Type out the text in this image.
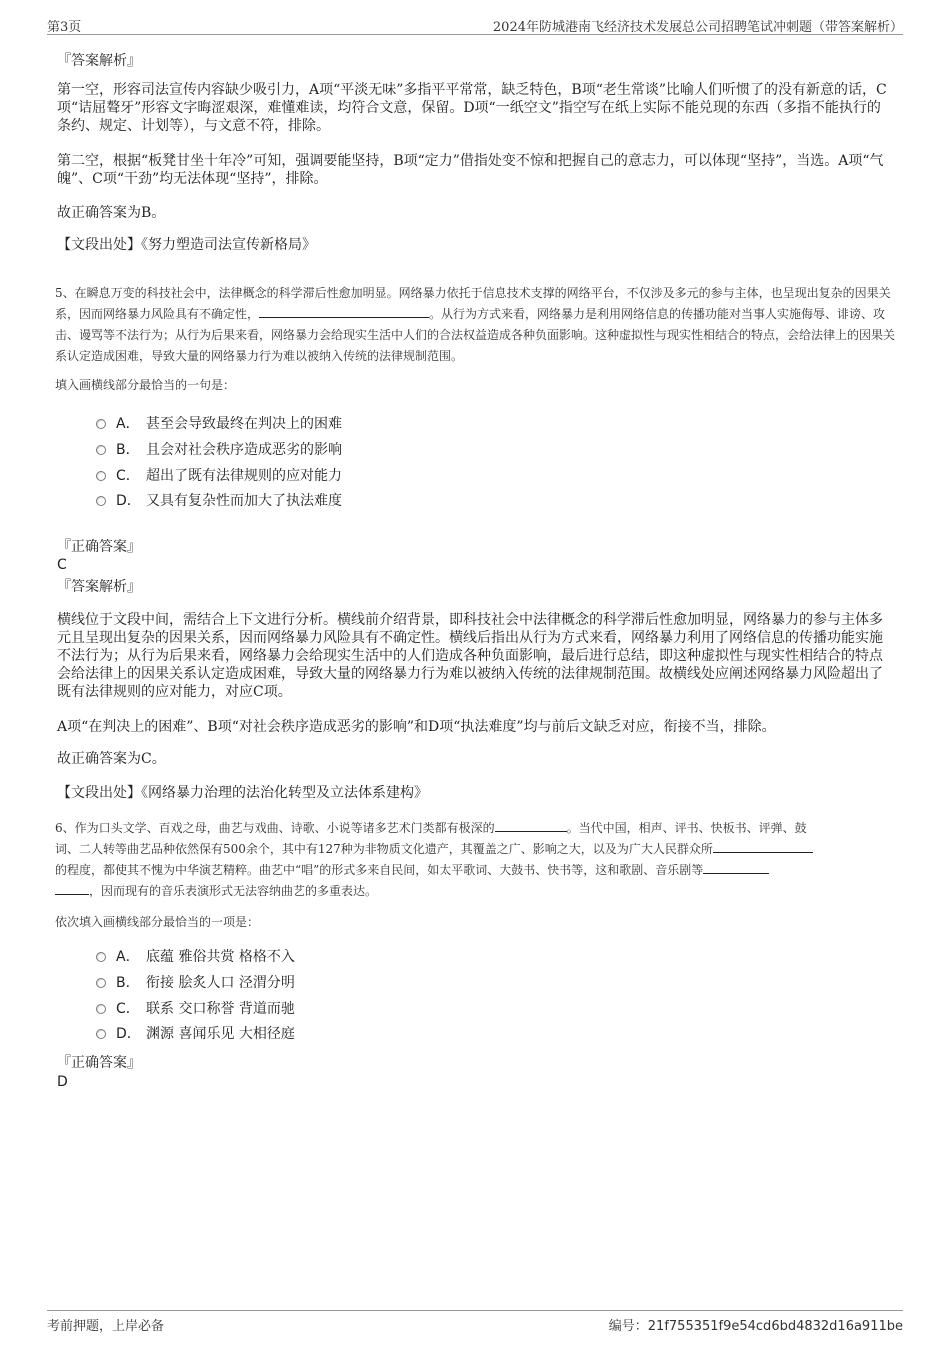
第3页	2024年防城港南飞经济技术发展总公司招聘笔试冲刺题（带答案解析）
『答案解析』
第一空，形容司法宣传内容缺少吸引力，A项“平淡无味”多指平平常常，缺乏特色，B项“老生常谈”比喻人们听惯了的没有新意的话，C项“诘屈聱牙”形容文字晦涩艰深，难懂难读，均符合文意，保留。D项“一纸空文”指空写在纸上实际不能兑现的东西（多指不能执行的条约、规定、计划等），与文意不符，排除。
第二空，根据“板凳甘坐十年冷”可知，强调要能坚持，B项“定力”借指处变不惊和把握自己的意志力，可以体现“坚持”，当选。A项“气魄”、C项“干劲”均无法体现“坚持”，排除。
故正确答案为B。
【文段出处】《努力塑造司法宣传新格局》
5、在瞬息万变的科技社会中，法律概念的科学滞后性愈加明显。网络暴力依托于信息技术支撑的网络平台，不仅涉及多元的参与主体，也呈现出复杂的因果关系，因而网络暴力风险具有不确定性，	。从行为方式来看，网络暴力是利用网络信息的传播功能对当事人实施侮辱、诽谤、攻击、谩骂等不法行为；从行为后果来看，网络暴力会给现实生活中人们的合法权益造成各种负面影响。这种虚拟性与现实性相结合的特点，会给法律上的因果关系认定造成困难，导致大量的网络暴力行为难以被纳入传统的法律规制范围。
填入画横线部分最恰当的一句是：
A． 甚至会导致最终在判决上的困难
B． 且会对社会秩序造成恶劣的影响
C． 超出了既有法律规则的应对能力
D． 又具有复杂性而加大了执法难度
『正确答案』
C
『答案解析』
横线位于文段中间，需结合上下文进行分析。横线前介绍背景，即科技社会中法律概念的科学滞后性愈加明显，网络暴力的参与主体多元且呈现出复杂的因果关系，因而网络暴力风险具有不确定性。横线后指出从行为方式来看，网络暴力利用了网络信息的传播功能实施不法行为；从行为后果来看，网络暴力会给现实生活中的人们造成各种负面影响，最后进行总结，即这种虚拟性与现实性相结合的特点会给法律上的因果关系认定造成困难，导致大量的网络暴力行为难以被纳入传统的法律规制范围。故横线处应阐述网络暴力风险超出了既有法律规则的应对能力，对应C项。
A项“在判决上的困难”、B项“对社会秩序造成恶劣的影响”和D项“执法难度”均与前后文缺乏对应，衔接不当，排除。
故正确答案为C。
【文段出处】《网络暴力治理的法治化转型及立法体系建构》
6、作为口头文学、百戏之母，曲艺与戏曲、诗歌、小说等诸多艺术门类都有极深的	。当代中国，相声、评书、快板书、评弹、鼓
词、二人转等曲艺品种依然保有500余个，其中有127种为非物质文化遗产，其覆盖之广、影响之大，以及为广大人民群众所
的程度，都使其不愧为中华演艺精粹。曲艺中“唱”的形式多来自民间，如太平歌词、大鼓书、快书等，这和歌剧、音乐剧等
，因而现有的音乐表演形式无法容纳曲艺的多重表达。
依次填入画横线部分最恰当的一项是：
A． 底蕴 雅俗共赏 格格不入
B． 衔接 脍炙人口 泾渭分明
C． 联系 交口称誉 背道而驰
D． 渊源 喜闻乐见 大相径庭
『正确答案』
D
考前押题，上岸必备	编号：21f755351f9e54cd6bd4832d16a911be
